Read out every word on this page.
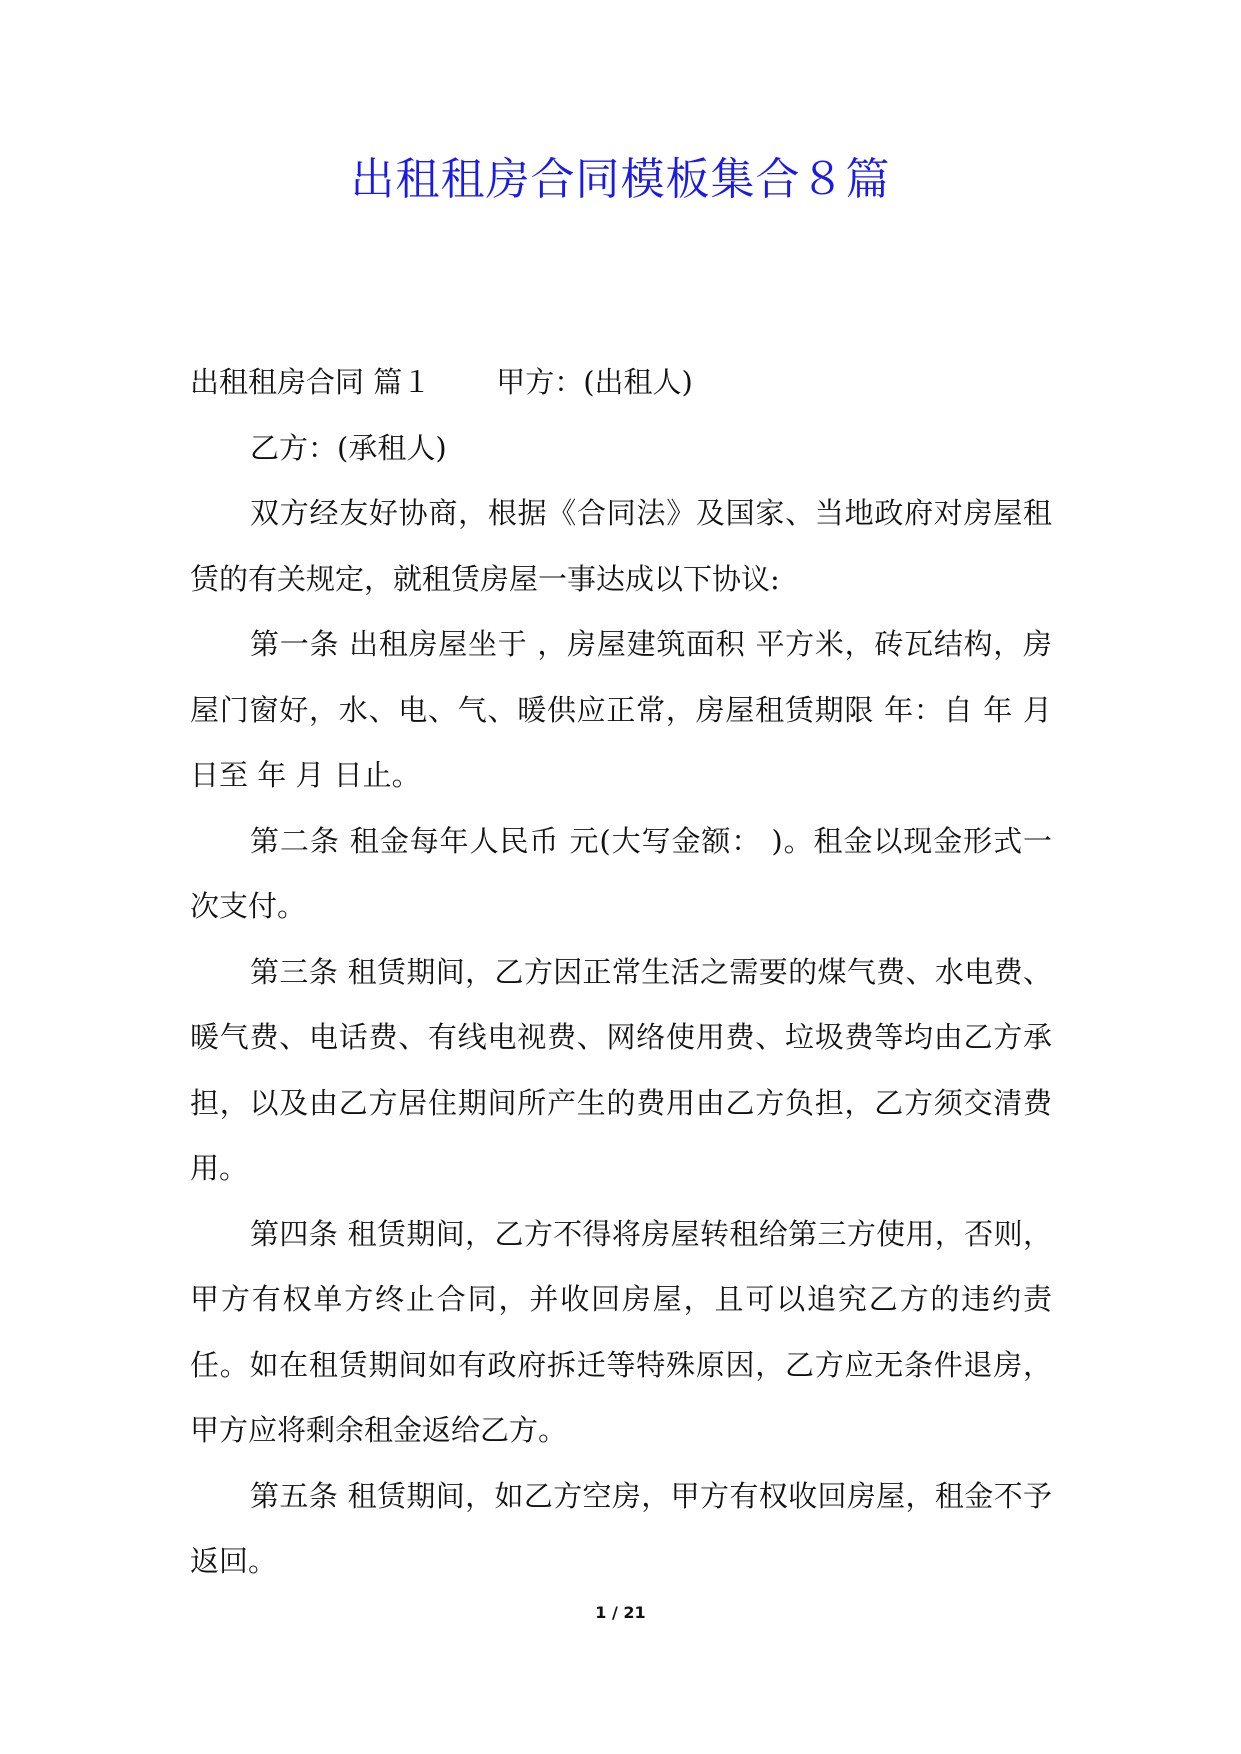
出租租房合同模板集合８篇

出租租房合同 篇１ 甲方：(出租人)

乙方：(承租人)

双方经友好协商，根据《合同法》及国家、当地政府对房屋租赁的有关规定，就租赁房屋一事达成以下协议:

第一条 出租房屋坐于 ，房屋建筑面积 平方米，砖瓦结构，房屋门窗好，水、电、气、暖供应正常，房屋租赁期限 年：自 年 月 日至 年 月 日止。

第二条 租金每年人民币 元(大写金额： )。租金以现金形式一次支付。

第三条 租赁期间，乙方因正常生活之需要的煤气费、水电费、暖气费、电话费、有线电视费、网络使用费、垃圾费等均由乙方承担，以及由乙方居住期间所产生的费用由乙方负担，乙方须交清费用。

第四条 租赁期间，乙方不得将房屋转租给第三方使用，否则，甲方有权单方终止合同，并收回房屋，且可以追究乙方的违约责任。如在租赁期间如有政府拆迁等特殊原因，乙方应无条件退房，甲方应将剩余租金返给乙方。

第五条 租赁期间，如乙方空房，甲方有权收回房屋，租金不予返回。

1 / 21
